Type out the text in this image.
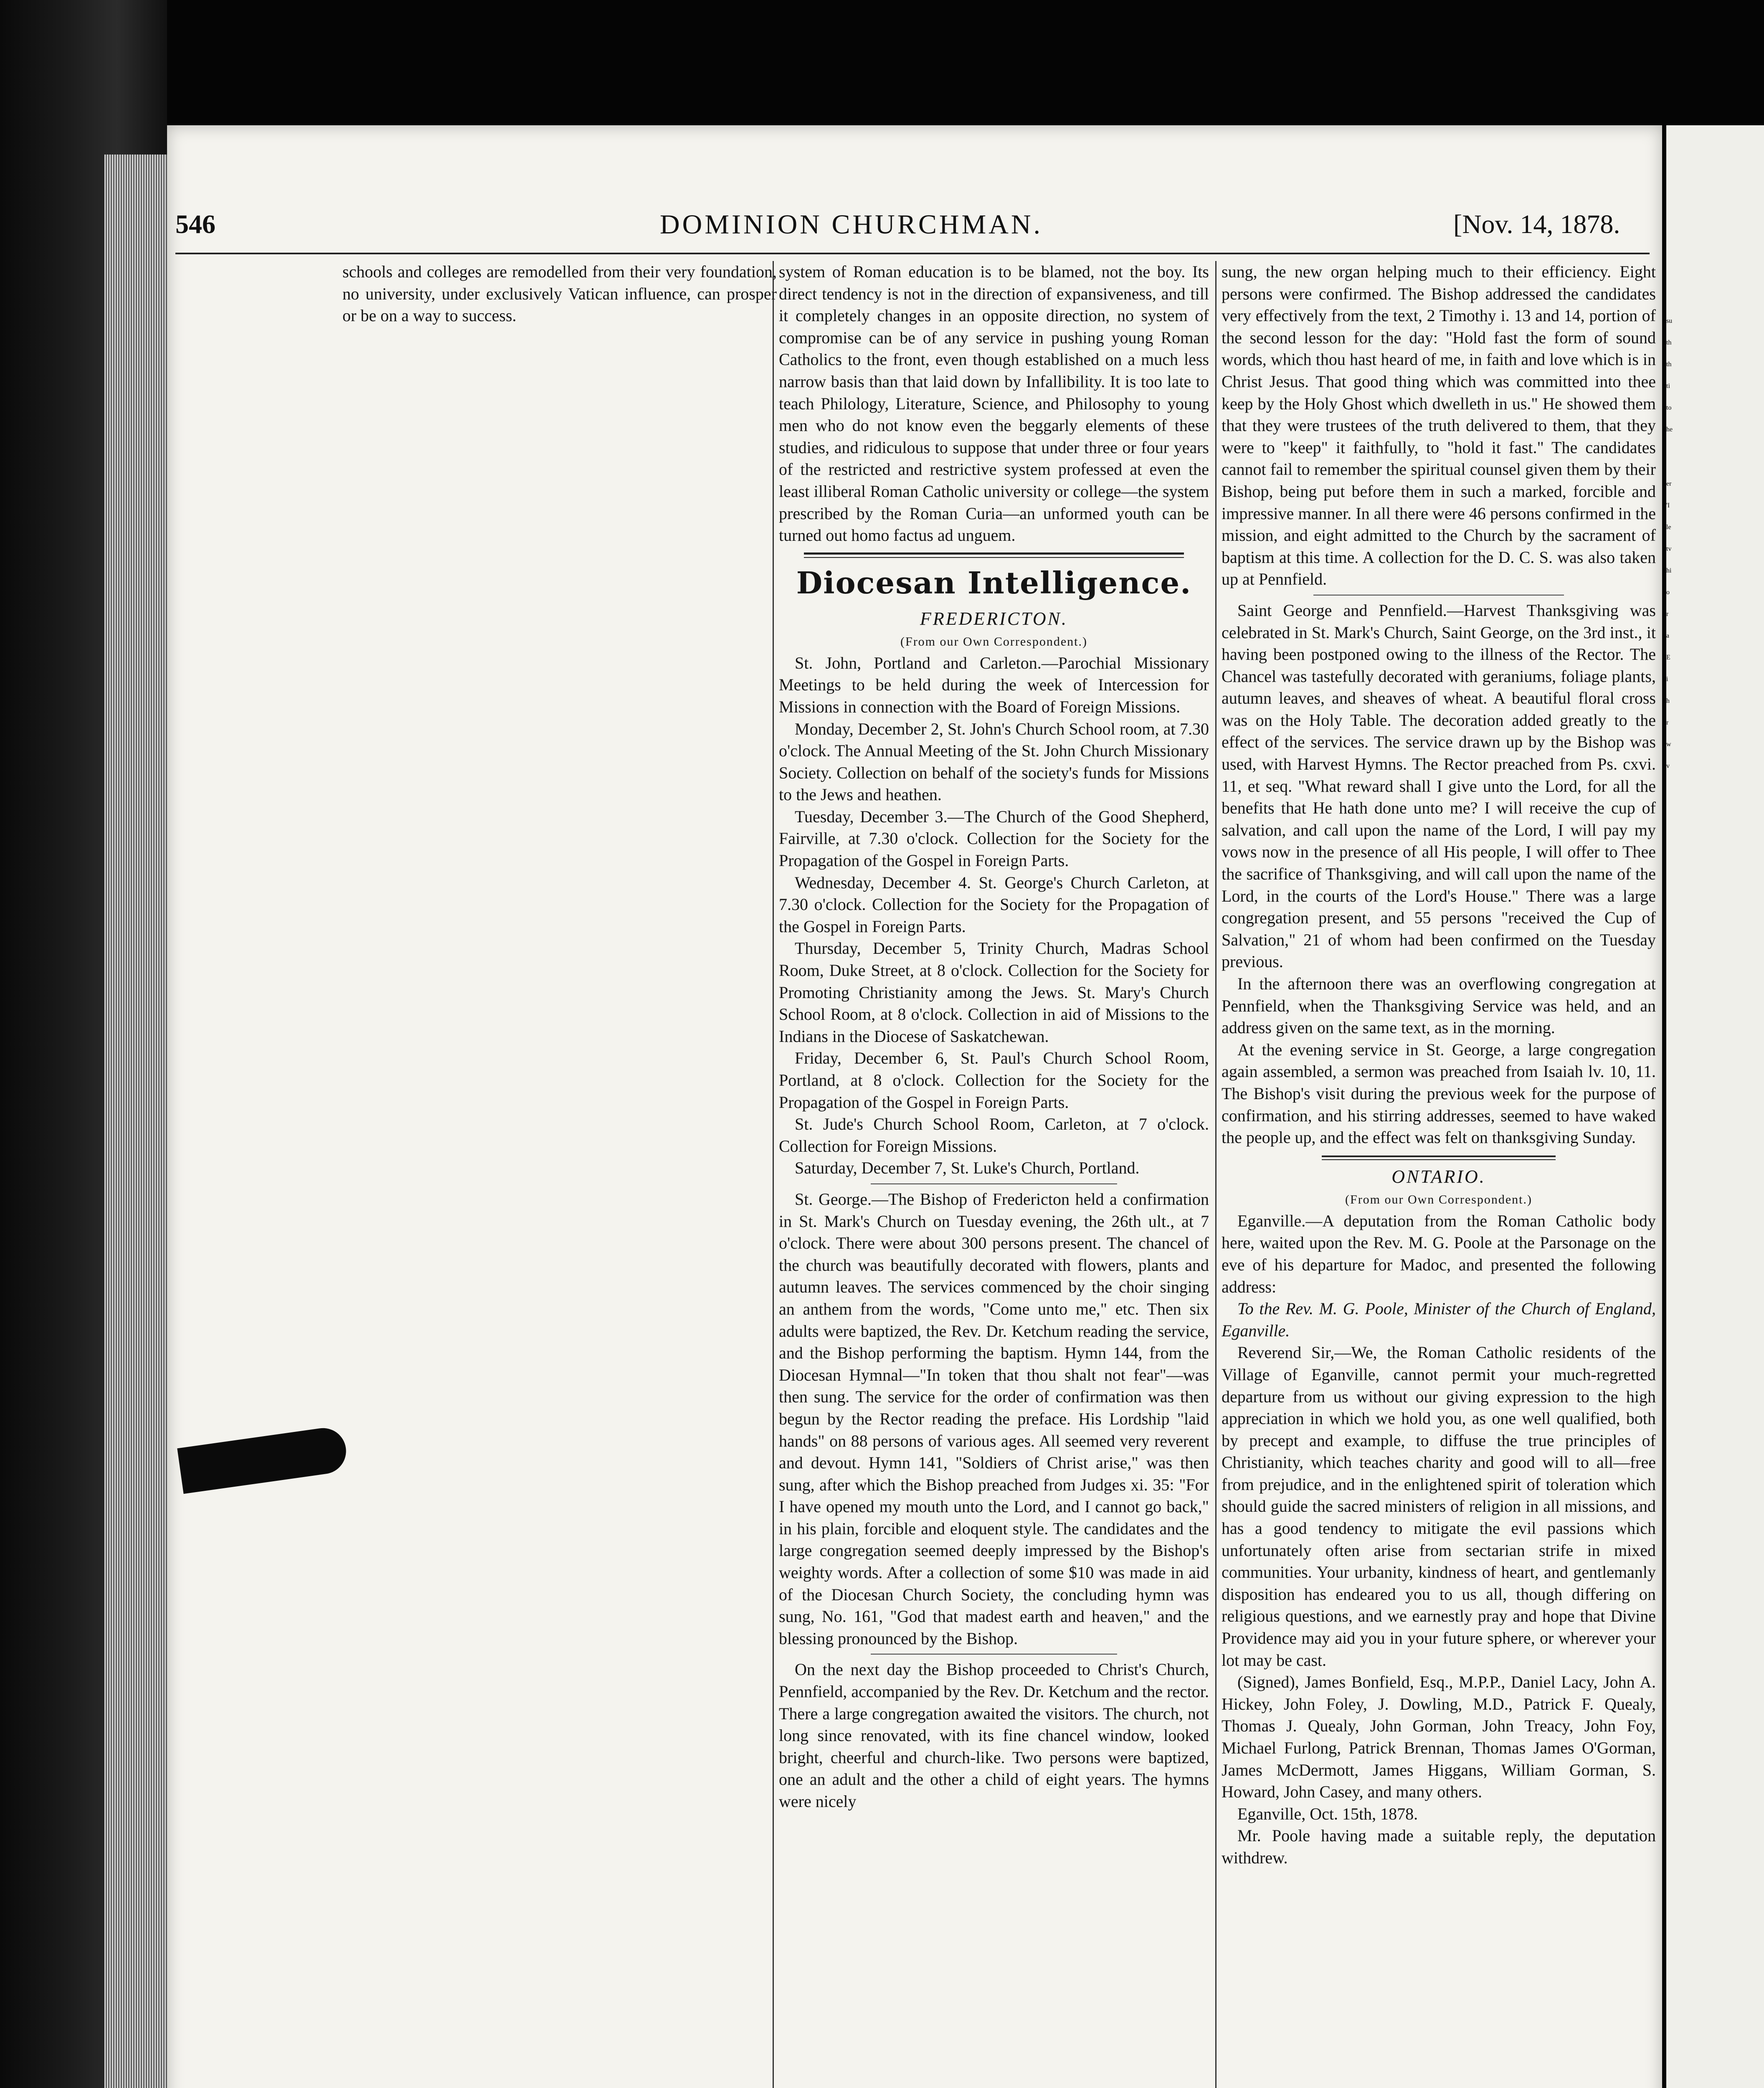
546	DOMINION CHURCHMAN.	[Nov. 14, 1878.

schools and colleges are remodelled from their very foundation, no university, under exclusively Vatican influence, can prosper or be on a way to success.

system of Roman education is to be blamed, not the boy. Its direct tendency is not in the direction of expansiveness, and till it completely changes in an opposite direction, no system of compromise can be of any service in pushing young Roman Catholics to the front, even though established on a much less narrow basis than that laid down by Infallibility. It is too late to teach Philology, Literature, Science, and Philosophy to young men who do not know even the beggarly elements of these studies, and ridiculous to suppose that under three or four years of the restricted and restrictive system professed at even the least illiberal Roman Catholic university or college—the system prescribed by the Roman Curia—an unformed youth can be turned out homo factus ad unguem.

Diocesan Intelligence.
FREDERICTON.
(From our Own Correspondent.)

St. John, Portland and Carleton.—Parochial Missionary Meetings to be held during the week of Intercession for Missions in connection with the Board of Foreign Missions.

Monday, December 2, St. John's Church School room, at 7.30 o'clock. The Annual Meeting of the St. John Church Missionary Society. Collection on behalf of the society's funds for Missions to the Jews and heathen.

Tuesday, December 3.—The Church of the Good Shepherd, Fairville, at 7.30 o'clock. Collection for the Society for the Propagation of the Gospel in Foreign Parts.

Wednesday, December 4. St. George's Church Carleton, at 7.30 o'clock. Collection for the Society for the Propagation of the Gospel in Foreign Parts.

Thursday, December 5, Trinity Church, Madras School Room, Duke Street, at 8 o'clock. Collection for the Society for Promoting Christianity among the Jews. St. Mary's Church School Room, at 8 o'clock. Collection in aid of Missions to the Indians in the Diocese of Saskatchewan.

Friday, December 6, St. Paul's Church School Room, Portland, at 8 o'clock. Collection for the Society for the Propagation of the Gospel in Foreign Parts.

St. Jude's Church School Room, Carleton, at 7 o'clock. Collection for Foreign Missions.

Saturday, December 7, St. Luke's Church, Portland.

St. George.—The Bishop of Fredericton held a confirmation in St. Mark's Church on Tuesday evening, the 26th ult., at 7 o'clock. There were about 300 persons present. The chancel of the church was beautifully decorated with flowers, plants and autumn leaves. The services commenced by the choir singing an anthem from the words, "Come unto me," etc. Then six adults were baptized, the Rev. Dr. Ketchum reading the service, and the Bishop performing the baptism. Hymn 144, from the Diocesan Hymnal—"In token that thou shalt not fear"—was then sung. The service for the order of confirmation was then begun by the Rector reading the preface. His Lordship "laid hands" on 88 persons of various ages. All seemed very reverent and devout. Hymn 141, "Soldiers of Christ arise," was then sung, after which the Bishop preached from Judges xi. 35: "For I have opened my mouth unto the Lord, and I cannot go back," in his plain, forcible and eloquent style. The candidates and the large congregation seemed deeply impressed by the Bishop's weighty words. After a collection of some $10 was made in aid of the Diocesan Church Society, the concluding hymn was sung, No. 161, "God that madest earth and heaven," and the blessing pronounced by the Bishop.

On the next day the Bishop proceeded to Christ's Church, Pennfield, accompanied by the Rev. Dr. Ketchum and the rector. There a large congregation awaited the visitors. The church, not long since renovated, with its fine chancel window, looked bright, cheerful and church-like. Two persons were baptized, one an adult and the other a child of eight years. The hymns were nicely

sung, the new organ helping much to their efficiency. Eight persons were confirmed. The Bishop addressed the candidates very effectively from the text, 2 Timothy i. 13 and 14, portion of the second lesson for the day: "Hold fast the form of sound words, which thou hast heard of me, in faith and love which is in Christ Jesus. That good thing which was committed into thee keep by the Holy Ghost which dwelleth in us." He showed them that they were trustees of the truth delivered to them, that they were to "keep" it faithfully, to "hold it fast." The candidates cannot fail to remember the spiritual counsel given them by their Bishop, being put before them in such a marked, forcible and impressive manner. In all there were 46 persons confirmed in the mission, and eight admitted to the Church by the sacrament of baptism at this time. A collection for the D. C. S. was also taken up at Pennfield.

Saint George and Pennfield.—Harvest Thanksgiving was celebrated in St. Mark's Church, Saint George, on the 3rd inst., it having been postponed owing to the illness of the Rector. The Chancel was tastefully decorated with geraniums, foliage plants, autumn leaves, and sheaves of wheat. A beautiful floral cross was on the Holy Table. The decoration added greatly to the effect of the services. The service drawn up by the Bishop was used, with Harvest Hymns. The Rector preached from Ps. cxvi. 11, et seq. "What reward shall I give unto the Lord, for all the benefits that He hath done unto me? I will receive the cup of salvation, and call upon the name of the Lord, I will pay my vows now in the presence of all His people, I will offer to Thee the sacrifice of Thanksgiving, and will call upon the name of the Lord, in the courts of the Lord's House." There was a large congregation present, and 55 persons "received the Cup of Salvation," 21 of whom had been confirmed on the Tuesday previous.

In the afternoon there was an overflowing congregation at Pennfield, when the Thanksgiving Service was held, and an address given on the same text, as in the morning.

At the evening service in St. George, a large congregation again assembled, a sermon was preached from Isaiah lv. 10, 11. The Bishop's visit during the previous week for the purpose of confirmation, and his stirring addresses, seemed to have waked the people up, and the effect was felt on thanksgiving Sunday.

ONTARIO.
(From our Own Correspondent.)

Eganville.—A deputation from the Roman Catholic body here, waited upon the Rev. M. G. Poole at the Parsonage on the eve of his departure for Madoc, and presented the following address:

To the Rev. M. G. Poole, Minister of the Church of England, Eganville.

Reverend Sir,—We, the Roman Catholic residents of the Village of Eganville, cannot permit your much-regretted departure from us without our giving expression to the high appreciation in which we hold you, as one well qualified, both by precept and example, to diffuse the true principles of Christianity, which teaches charity and good will to all—free from prejudice, and in the enlightened spirit of toleration which should guide the sacred ministers of religion in all missions, and has a good tendency to mitigate the evil passions which unfortunately often arise from sectarian strife in mixed communities. Your urbanity, kindness of heart, and gentlemanly disposition has endeared you to us all, though differing on religious questions, and we earnestly pray and hope that Divine Providence may aid you in your future sphere, or wherever your lot may be cast.

(Signed), James Bonfield, Esq., M.P.P., Daniel Lacy, John A. Hickey, John Foley, J. Dowling, M.D., Patrick F. Quealy, Thomas J. Quealy, John Gorman, John Treacy, John Foy, Michael Furlong, Patrick Brennan, Thomas James O'Gorman, James McDermott, James Higgans, William Gorman, S. Howard, John Casey, and many others.

Eganville, Oct. 15th, 1878.

Mr. Poole having made a suitable reply, the deputation withdrew.

su
th
th
ti
to
he
er
'I
le
tv
hi
o
r
a
E
i
h
r
w
v
